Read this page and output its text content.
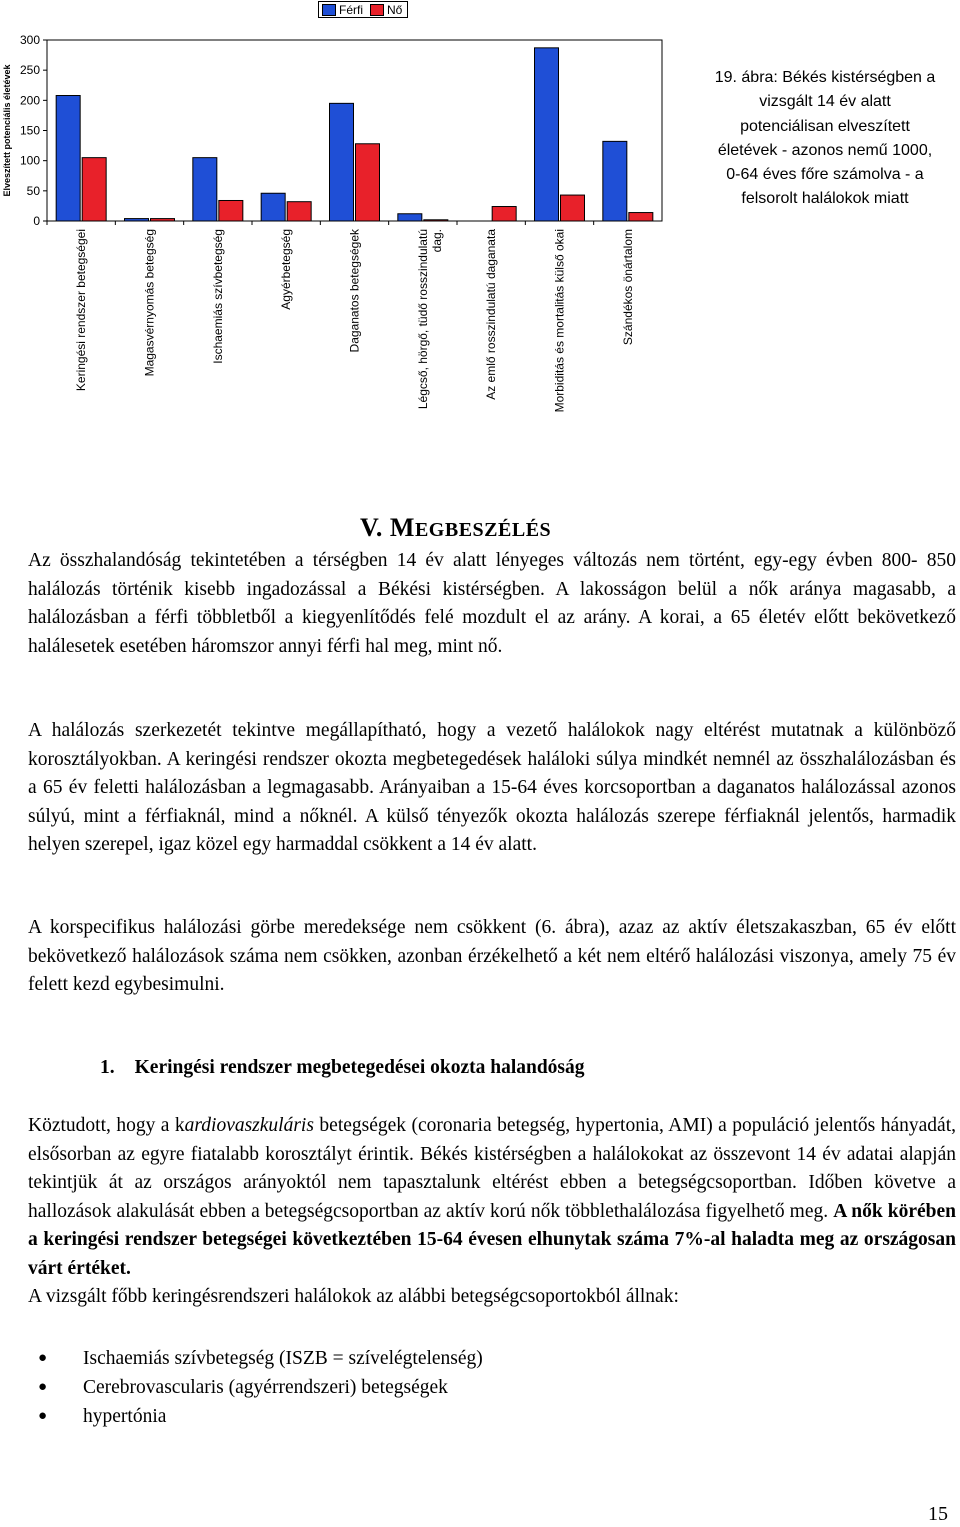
0
50
100
150
200
250
300
Elveszített potenciális életévek
Keringési rendszer betegségei	Magasvérnyomás betegség	Ischaemiás szívbetegség	Agyérbetegség	Daganatos betegségek	Légcső, hörgő, tüdő rosszindulatú dag.	Az emlő rosszindulatú daganata	Morbiditás és mortalitás külső okai	Szándékos önártalom
Férfi Nő
19. ábra: Békés kistérségben a
vizsgált 14 év alatt
potenciálisan elveszített
életévek - azonos nemű 1000,
0-64 éves főre számolva - a
felsorolt halálokok miatt
V. MEGBESZÉLÉS
Az összhalandóság tekintetében a térségben 14 év alatt lényeges változás nem történt, egy-egy évben 800- 850 halálozás történik kisebb ingadozással a Békési kistérségben. A lakosságon belül a nők aránya magasabb, a halálozásban a férfi többletből a kiegyenlítődés felé mozdult el az arány. A korai, a 65 életév előtt bekövetkező halálesetek esetében háromszor annyi férfi hal meg, mint nő.
A halálozás szerkezetét tekintve megállapítható, hogy a vezető halálokok nagy eltérést mutatnak a különböző korosztályokban. A keringési rendszer okozta megbetegedések haláloki súlya mindkét nemnél az összhalálozásban és a 65 év feletti halálozásban a legmagasabb. Arányaiban a 15-64 éves korcsoportban a daganatos halálozással azonos súlyú, mint a férfiaknál, mind a nőknél. A külső tényezők okozta halálozás szerepe férfiaknál jelentős, harmadik helyen szerepel, igaz közel egy harmaddal csökkent a 14 év alatt.
A korspecifikus halálozási görbe meredeksége nem csökkent (6. ábra), azaz az aktív életszakaszban, 65 év előtt bekövetkező halálozások száma nem csökken, azonban érzékelhető a két nem eltérő halálozási viszonya, amely 75 év felett kezd egybesimulni.
1. Keringési rendszer megbetegedései okozta halandóság
Köztudott, hogy a kardiovaszkuláris betegségek (coronaria betegség, hypertonia, AMI) a populáció jelentős hányadát, elsősorban az egyre fiatalabb korosztályt érintik. Békés kistérségben a halálokokat az összevont 14 év adatai alapján tekintjük át az országos arányoktól nem tapasztalunk eltérést ebben a betegségcsoportban. Időben követve a hallozások alakulását ebben a betegségcsoportban az aktív korú nők többlethalálozása figyelhető meg. A nők körében a keringési rendszer betegségei következtében 15-64 évesen elhunytak száma 7%-al haladta meg az országosan várt értéket.
A vizsgált főbb keringésrendszeri halálokok az alábbi betegségcsoportokból állnak:
● Ischaemiás szívbetegség (ISZB = szívelégtelenség)
● Cerebrovascularis (agyérrendszeri) betegségek
● hypertónia
15
